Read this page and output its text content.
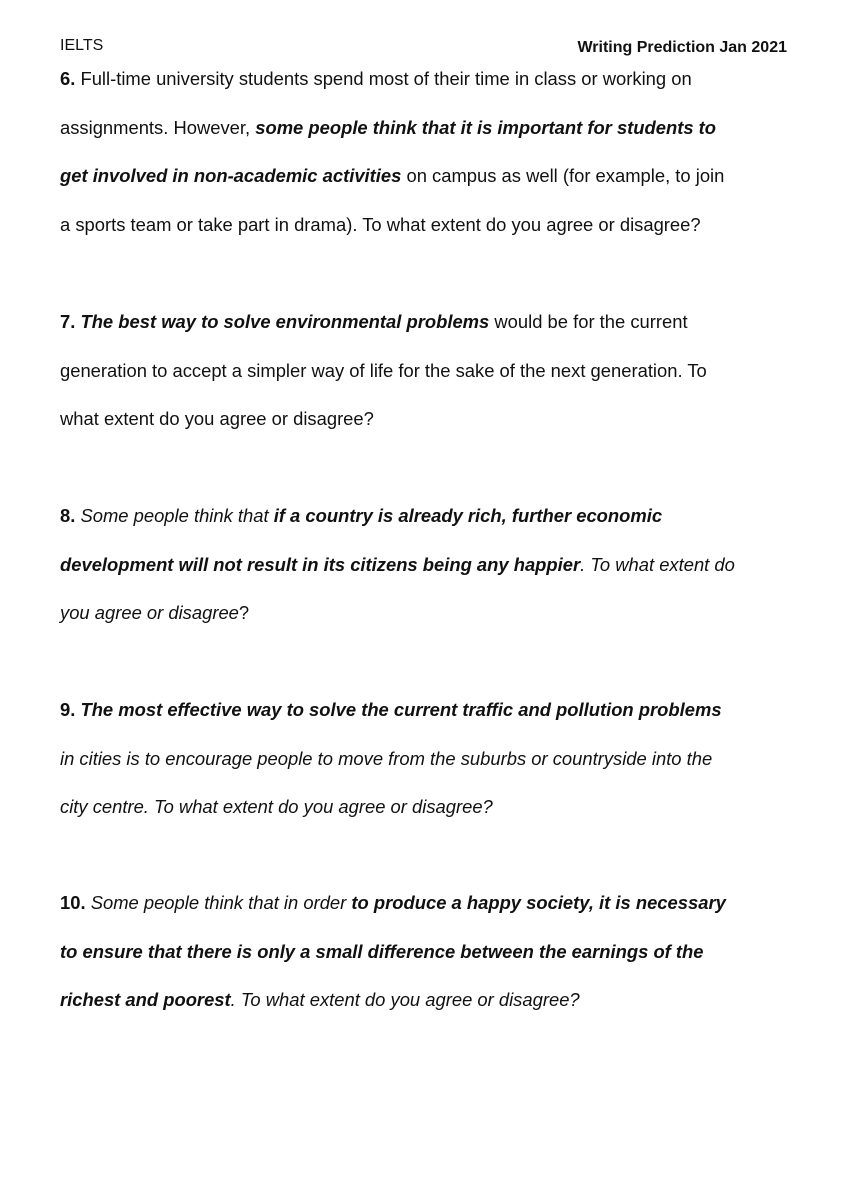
IELTS	Writing Prediction Jan 2021
6. Full-time university students spend most of their time in class or working on
assignments. However, some people think that it is important for students to
get involved in non-academic activities on campus as well (for example, to join
a sports team or take part in drama). To what extent do you agree or disagree?
7. The best way to solve environmental problems would be for the current
generation to accept a simpler way of life for the sake of the next generation. To
what extent do you agree or disagree?
8. Some people think that if a country is already rich, further economic
development will not result in its citizens being any happier. To what extent do
you agree or disagree?
9. The most effective way to solve the current traffic and pollution problems
in cities is to encourage people to move from the suburbs or countryside into the
city centre. To what extent do you agree or disagree?
10. Some people think that in order to produce a happy society, it is necessary
to ensure that there is only a small difference between the earnings of the
richest and poorest. To what extent do you agree or disagree?
